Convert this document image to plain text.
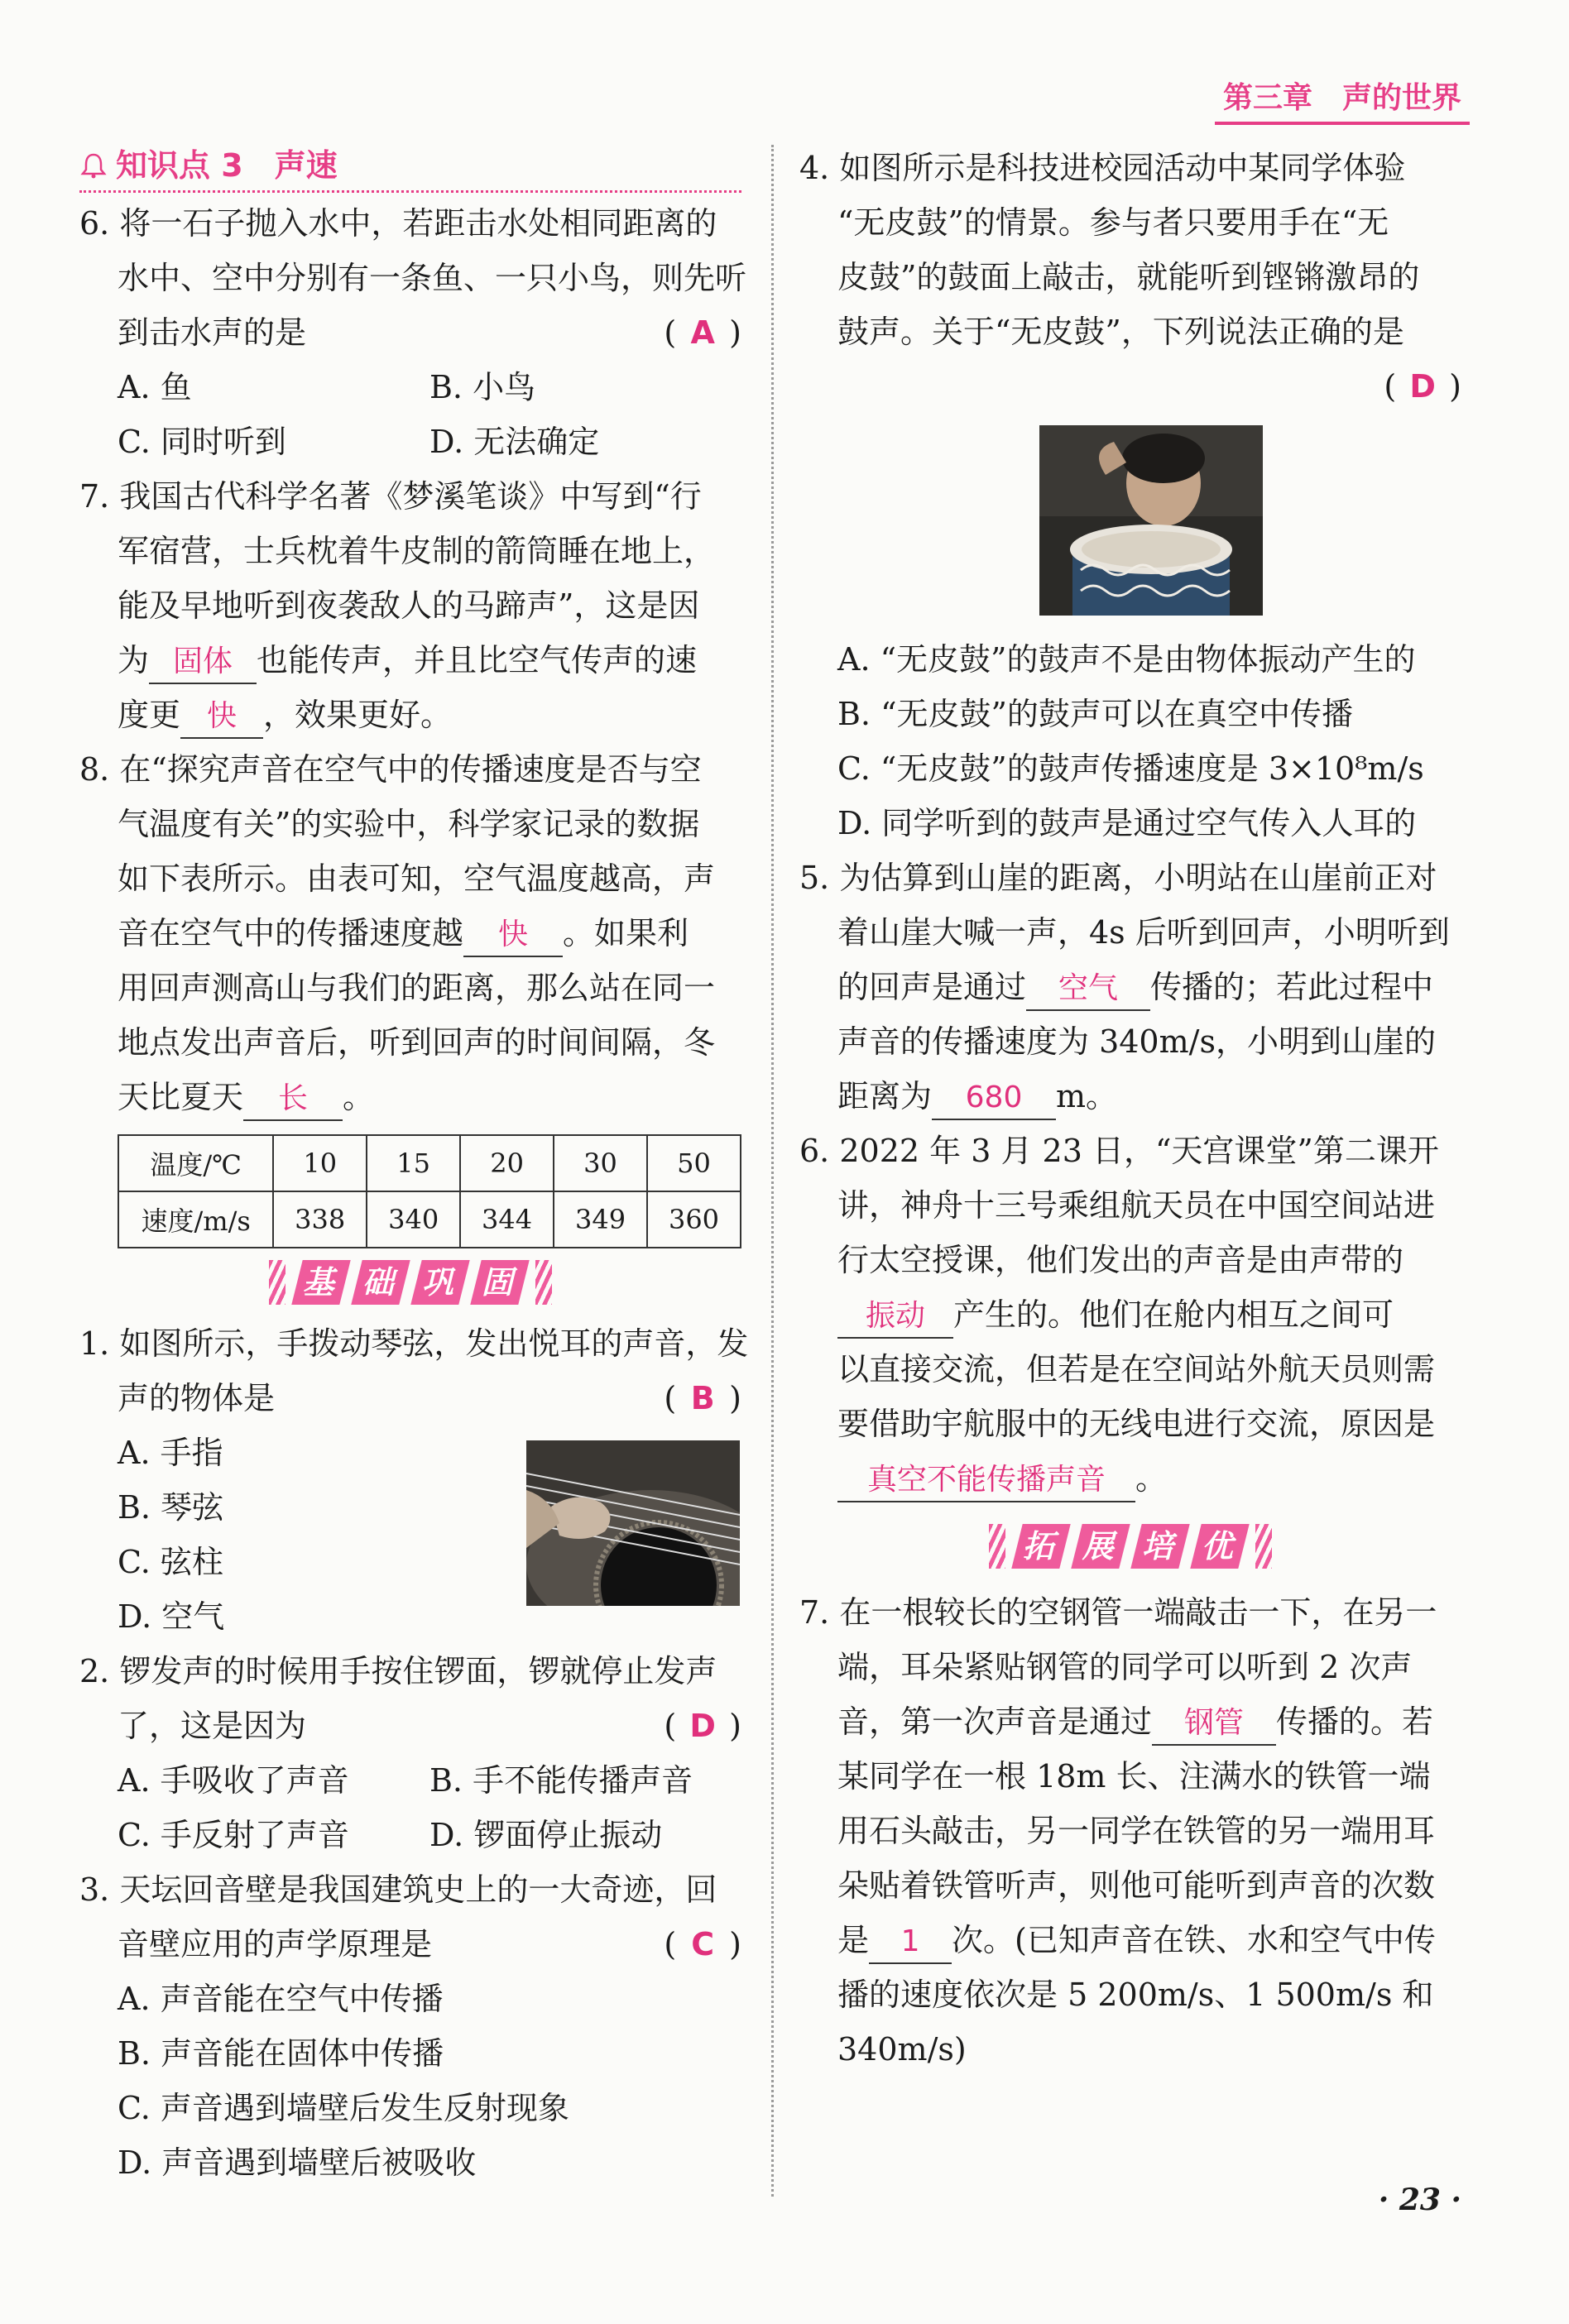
第三章　声的世界
知识点 3　声速
6. 将一石子抛入水中，若距击水处相同距离的
水中、空中分别有一条鱼、一只小鸟，则先听
到击水声的是	( A )
A. 鱼	B. 小鸟
C. 同时听到	D. 无法确定
7. 我国古代科学名著《梦溪笔谈》中写到“行
军宿营，士兵枕着牛皮制的箭筒睡在地上，
能及早地听到夜袭敌人的马蹄声”，这是因
为 固体 也能传声，并且比空气传声的速
度更 快 ，效果更好。
8. 在“探究声音在空气中的传播速度是否与空
气温度有关”的实验中，科学家记录的数据
如下表所示。由表可知，空气温度越高，声
音在空气中的传播速度越 快 。如果利
用回声测高山与我们的距离，那么站在同一
地点发出声音后，听到回声的时间间隔，冬
天比夏天 长 。
温度/℃	10	15	20	30	50
速度/m/s	338	340	344	349	360
基 础 巩 固
1. 如图所示，手拨动琴弦，发出悦耳的声音，发
声的物体是	( B )
A. 手指
B. 琴弦
C. 弦柱
D. 空气
2. 锣发声的时候用手按住锣面，锣就停止发声
了，这是因为	( D )
A. 手吸收了声音	B. 手不能传播声音
C. 手反射了声音	D. 锣面停止振动
3. 天坛回音壁是我国建筑史上的一大奇迹，回
音壁应用的声学原理是	( C )
A. 声音能在空气中传播
B. 声音能在固体中传播
C. 声音遇到墙壁后发生反射现象
D. 声音遇到墙壁后被吸收
4. 如图所示是科技进校园活动中某同学体验
“无皮鼓”的情景。参与者只要用手在“无
皮鼓”的鼓面上敲击，就能听到铿锵激昂的
鼓声。关于“无皮鼓”，下列说法正确的是
( D )
A. “无皮鼓”的鼓声不是由物体振动产生的
B. “无皮鼓”的鼓声可以在真空中传播
C. “无皮鼓”的鼓声传播速度是 3×10⁸m/s
D. 同学听到的鼓声是通过空气传入人耳的
5. 为估算到山崖的距离，小明站在山崖前正对
着山崖大喊一声，4s 后听到回声，小明听到
的回声是通过 空气 传播的；若此过程中
声音的传播速度为 340m/s，小明到山崖的
距离为 680 m。
6. 2022 年 3 月 23 日，“天宫课堂”第二课开
讲，神舟十三号乘组航天员在中国空间站进
行太空授课，他们发出的声音是由声带的
振动 产生的。他们在舱内相互之间可
以直接交流，但若是在空间站外航天员则需
要借助宇航服中的无线电进行交流，原因是
真空不能传播声音 。
拓 展 培 优
7. 在一根较长的空钢管一端敲击一下，在另一
端，耳朵紧贴钢管的同学可以听到 2 次声
音，第一次声音是通过 钢管 传播的。若
某同学在一根 18m 长、注满水的铁管一端
用石头敲击，另一同学在铁管的另一端用耳
朵贴着铁管听声，则他可能听到声音的次数
是 1 次。(已知声音在铁、水和空气中传
播的速度依次是 5 200m/s、1 500m/s 和
340m/s)
· 23 ·
